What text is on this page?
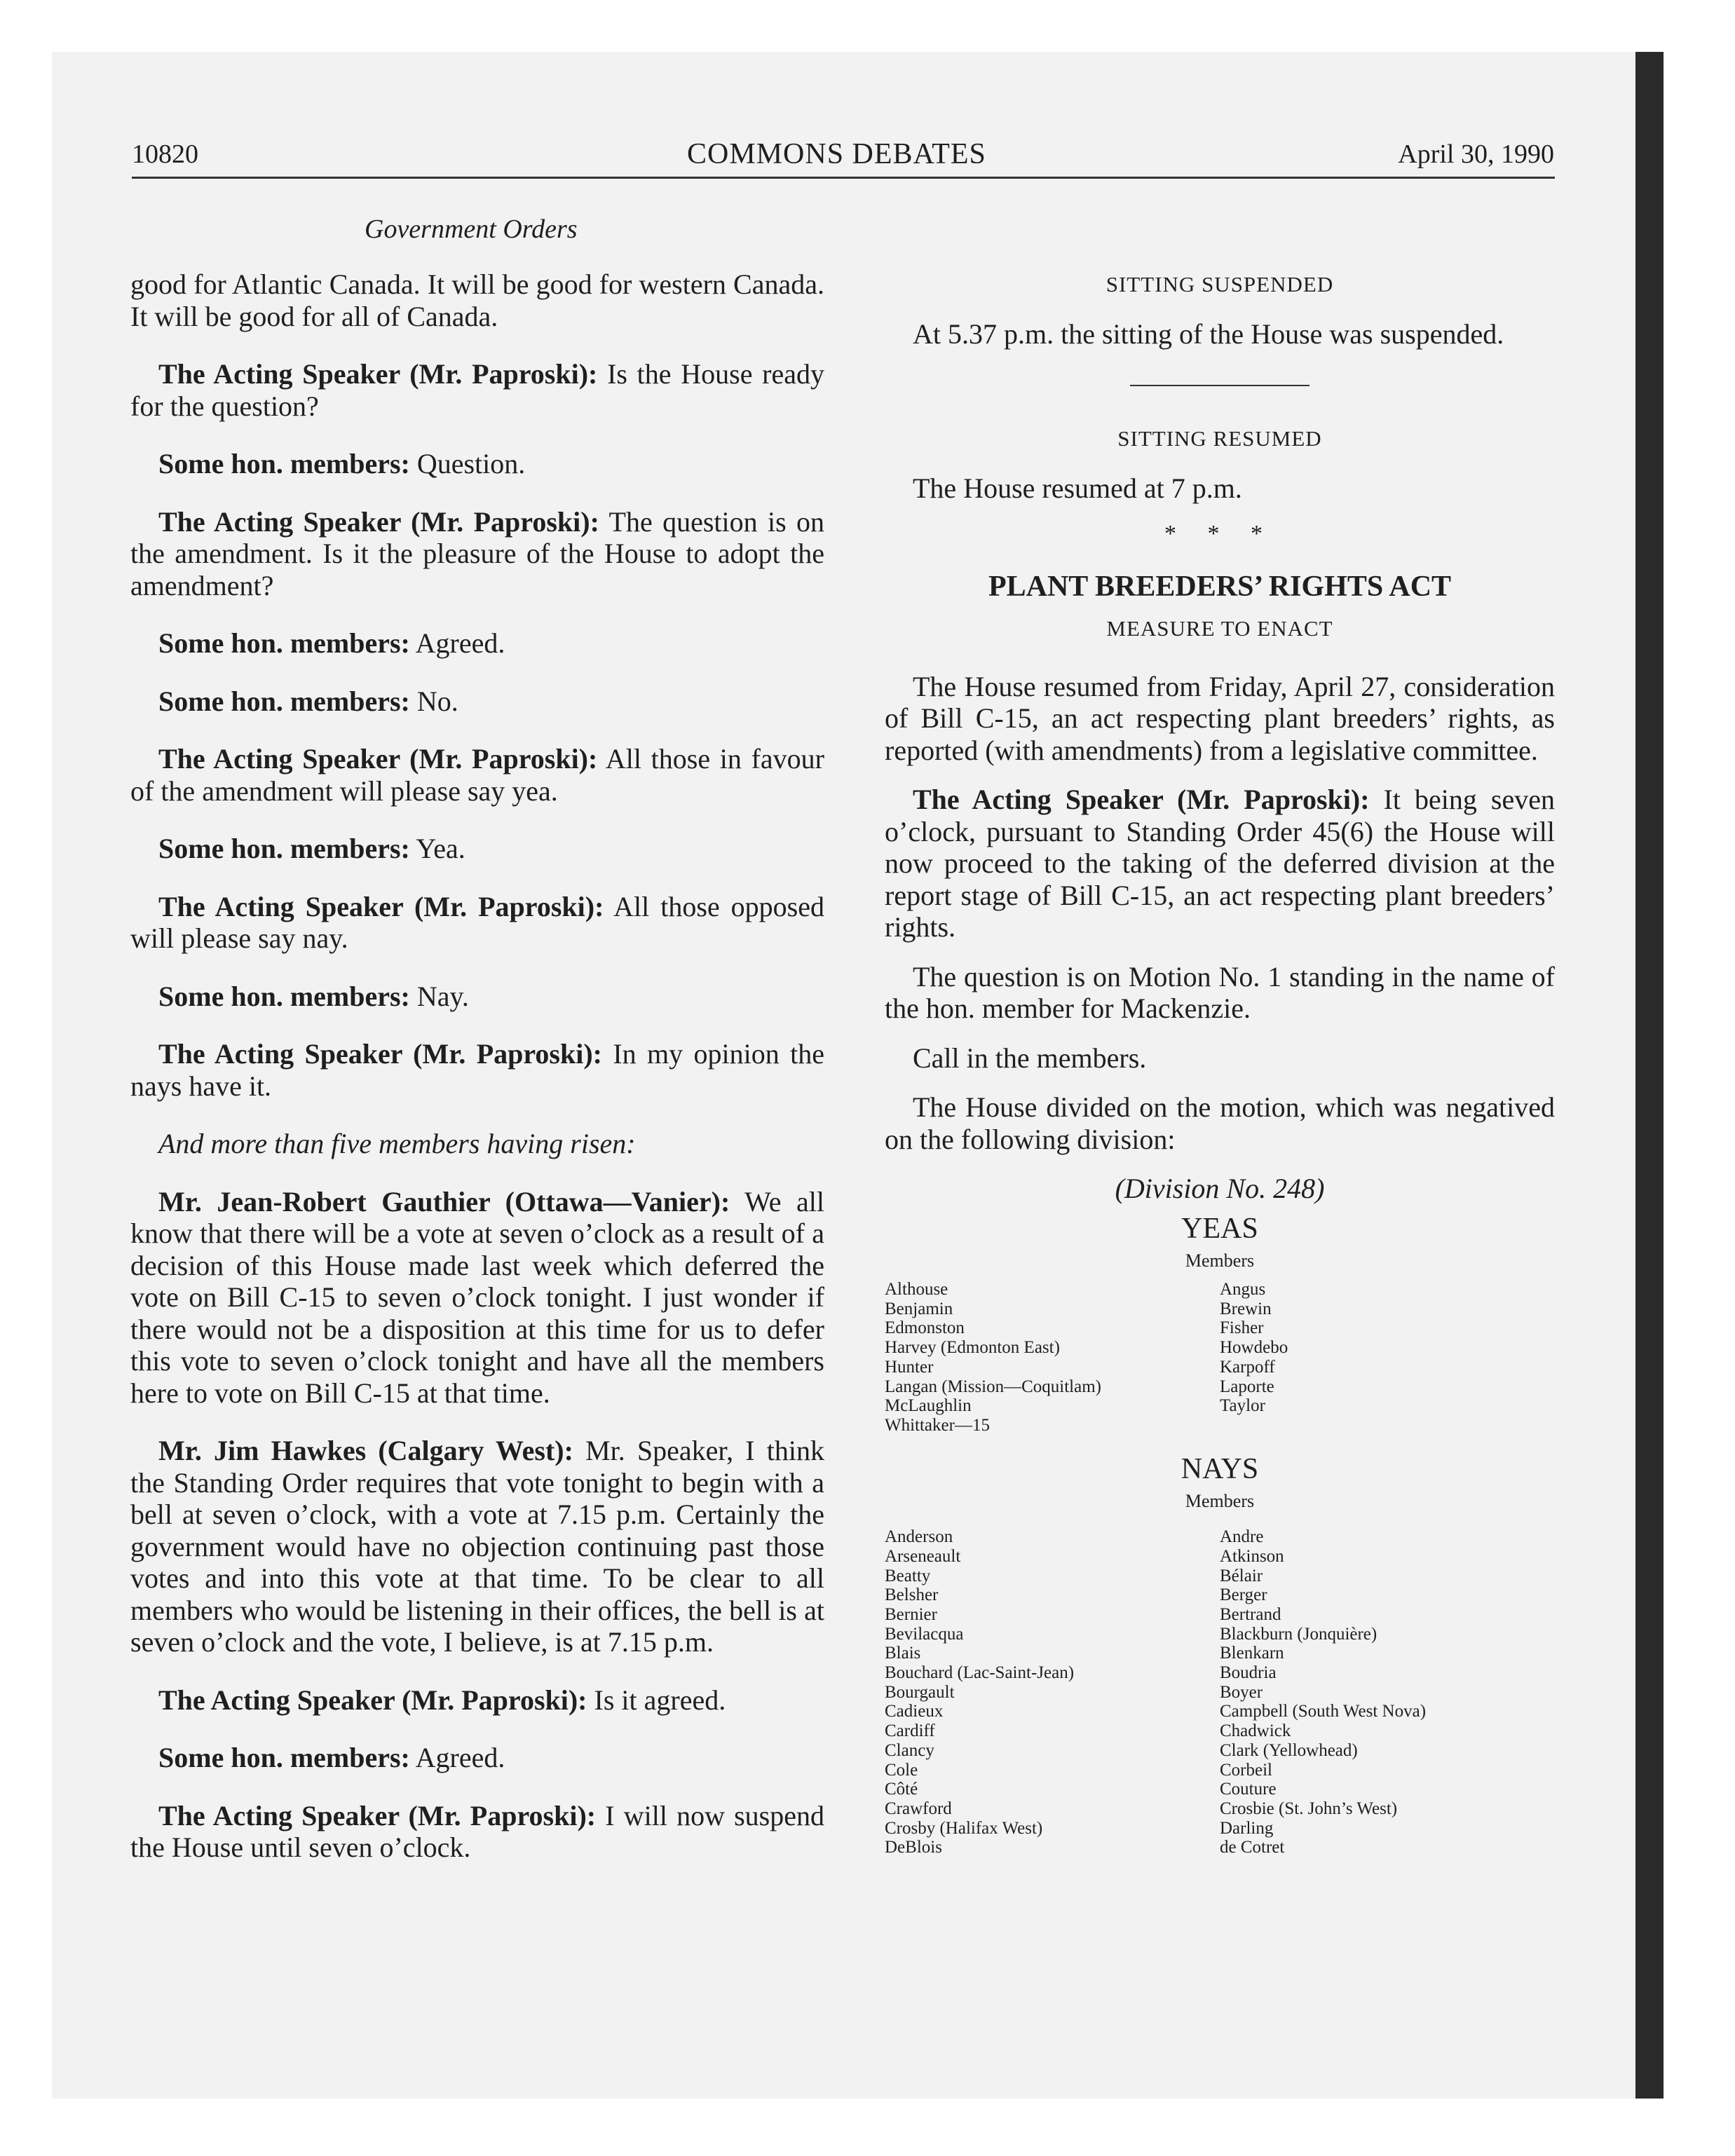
10820	COMMONS DEBATES	April 30, 1990
Government Orders

good for Atlantic Canada. It will be good for western Canada. It will be good for all of Canada.

The Acting Speaker (Mr. Paproski): Is the House ready for the question?

Some hon. members: Question.

The Acting Speaker (Mr. Paproski): The question is on the amendment. Is it the pleasure of the House to adopt the amendment?

Some hon. members: Agreed.

Some hon. members: No.

The Acting Speaker (Mr. Paproski): All those in favour of the amendment will please say yea.

Some hon. members: Yea.

The Acting Speaker (Mr. Paproski): All those opposed will please say nay.

Some hon. members: Nay.

The Acting Speaker (Mr. Paproski): In my opinion the nays have it.

And more than five members having risen:

Mr. Jean-Robert Gauthier (Ottawa—Vanier): We all know that there will be a vote at seven o’clock as a result of a decision of this House made last week which deferred the vote on Bill C-15 to seven o’clock tonight. I just wonder if there would not be a disposition at this time for us to defer this vote to seven o’clock tonight and have all the members here to vote on Bill C-15 at that time.

Mr. Jim Hawkes (Calgary West): Mr. Speaker, I think the Standing Order requires that vote tonight to begin with a bell at seven o’clock, with a vote at 7.15 p.m. Certainly the government would have no objection continuing past those votes and into this vote at that time. To be clear to all members who would be listening in their offices, the bell is at seven o’clock and the vote, I believe, is at 7.15 p.m.

The Acting Speaker (Mr. Paproski): Is it agreed.

Some hon. members: Agreed.

The Acting Speaker (Mr. Paproski): I will now suspend the House until seven o’clock.

SITTING SUSPENDED

At 5.37 p.m. the sitting of the House was suspended.

SITTING RESUMED

The House resumed at 7 p.m.

* * *

PLANT BREEDERS’ RIGHTS ACT

MEASURE TO ENACT

The House resumed from Friday, April 27, consideration of Bill C-15, an act respecting plant breeders’ rights, as reported (with amendments) from a legislative committee.

The Acting Speaker (Mr. Paproski): It being seven o’clock, pursuant to Standing Order 45(6) the House will now proceed to the taking of the deferred division at the report stage of Bill C-15, an act respecting plant breeders’ rights.

The question is on Motion No. 1 standing in the name of the hon. member for Mackenzie.

Call in the members.

The House divided on the motion, which was negatived on the following division:

(Division No. 248)

YEAS

Members

Althouse
Benjamin
Edmonston
Harvey (Edmonton East)
Hunter
Langan (Mission—Coquitlam)
McLaughlin
Whittaker—15
Angus
Brewin
Fisher
Howdebo
Karpoff
Laporte
Taylor

NAYS

Members

Anderson
Arseneault
Beatty
Belsher
Bernier
Bevilacqua
Blais
Bouchard (Lac-Saint-Jean)
Bourgault
Cadieux
Cardiff
Clancy
Cole
Côté
Crawford
Crosby (Halifax West)
DeBlois
Andre
Atkinson
Bélair
Berger
Bertrand
Blackburn (Jonquière)
Blenkarn
Boudria
Boyer
Campbell (South West Nova)
Chadwick
Clark (Yellowhead)
Corbeil
Couture
Crosbie (St. John’s West)
Darling
de Cotret
